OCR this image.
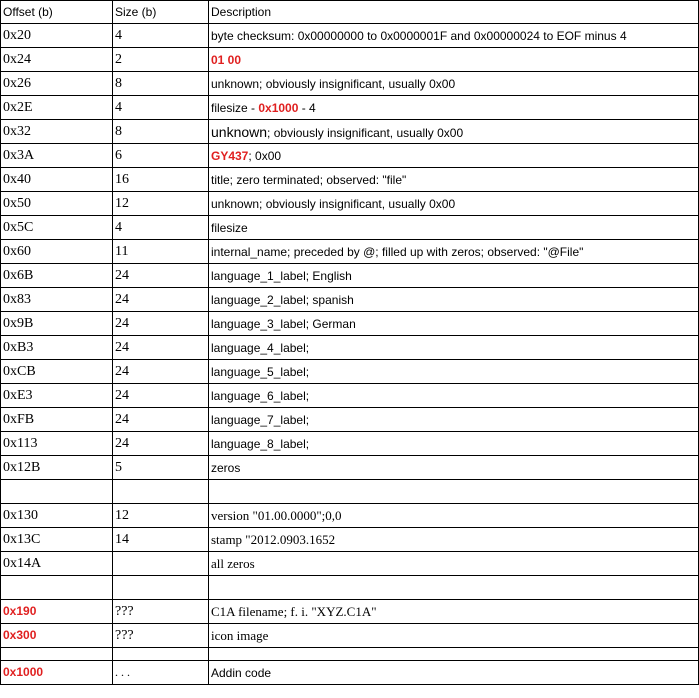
Offset (b)	Size (b)	Description
0x20	4	byte checksum: 0x00000000 to 0x0000001F and 0x00000024 to EOF minus 4
0x24	2	01 00
0x26	8	unknown; obviously insignificant, usually 0x00
0x2E	4	filesize - 0x1000 - 4
0x32	8	unknown; obviously insignificant, usually 0x00
0x3A	6	GY437; 0x00
0x40	16	title; zero terminated; observed: "file"
0x50	12	unknown; obviously insignificant, usually 0x00
0x5C	4	filesize
0x60	11	internal_name; preceded by @; filled up with zeros; observed: "@File"
0x6B	24	language_1_label; English
0x83	24	language_2_label; spanish
0x9B	24	language_3_label; German
0xB3	24	language_4_label;
0xCB	24	language_5_label;
0xE3	24	language_6_label;
0xFB	24	language_7_label;
0x113	24	language_8_label;
0x12B	5	zeros

0x130	12	version "01.00.0000";0,0
0x13C	14	stamp "2012.0903.1652
0x14A		all zeros

0x190	???	C1A filename; f. i. "XYZ.C1A"
0x300	???	icon image

0x1000	. . .	Addin code
